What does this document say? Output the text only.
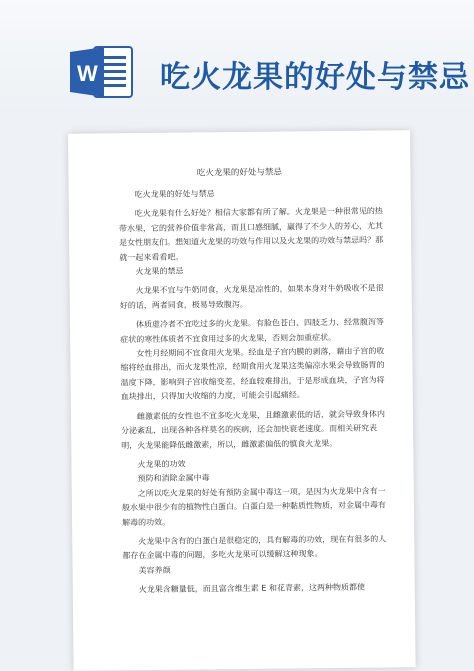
W 吃火龙果的好处与禁忌
吃火龙果的好处与禁忌

吃火龙果的好处与禁忌

吃火龙果有什么好处？相信大家都有所了解。火龙果是一种很常见的热带水果，它的营养价值非常高，而且口感细腻，赢得了不少人的芳心，尤其是女性朋友们。想知道火龙果的功效与作用以及火龙果的功效与禁忌吗？那就一起来看看吧。

火龙果的禁忌

火龙果不宜与牛奶同食，火龙果是凉性的，如果本身对牛奶吸收不是很好的话，两者同食，极易导致腹泻。

体质虚冷者不宜吃过多的火龙果。有脸色苍白、四肢乏力、经常腹泻等症状的寒性体质者不宜食用过多的火龙果，否则会加重症状。

女性月经期间不宜食用火龙果。经血是子宫内膜的剥落，藉由子宫的收缩将经血排出，而火龙果性凉，经期食用火龙果这类偏凉水果会导致肠胃的温度下降，影响到子宫收缩变差，经血较难排出，于是形成血块，子宫为将血块排出，只得加大收缩的力度，可能会引起痛经。

雌激素低的女性也不宜多吃火龙果，且雌激素低的话，就会导致身体内分泌紊乱，出现各种各样莫名的疾病，还会加快衰老速度。而相关研究表明，火龙果能降低雌激素，所以，雌激素偏低的慎食火龙果。

火龙果的功效

预防和消除金属中毒

之所以吃火龙果的好处有预防金属中毒这一项，是因为火龙果中含有一般水果中很少有的植物性白蛋白。白蛋白是一种黏质性物质，对金属中毒有解毒的功效。

火龙果中含有的白蛋白是很稳定的，具有解毒的功效，现在有很多的人都存在金属中毒的问题，多吃火龙果可以缓解这种现象。

美容养颜

火龙果含糖量低，而且富含维生素 E 和花青素，这两种物质都使
